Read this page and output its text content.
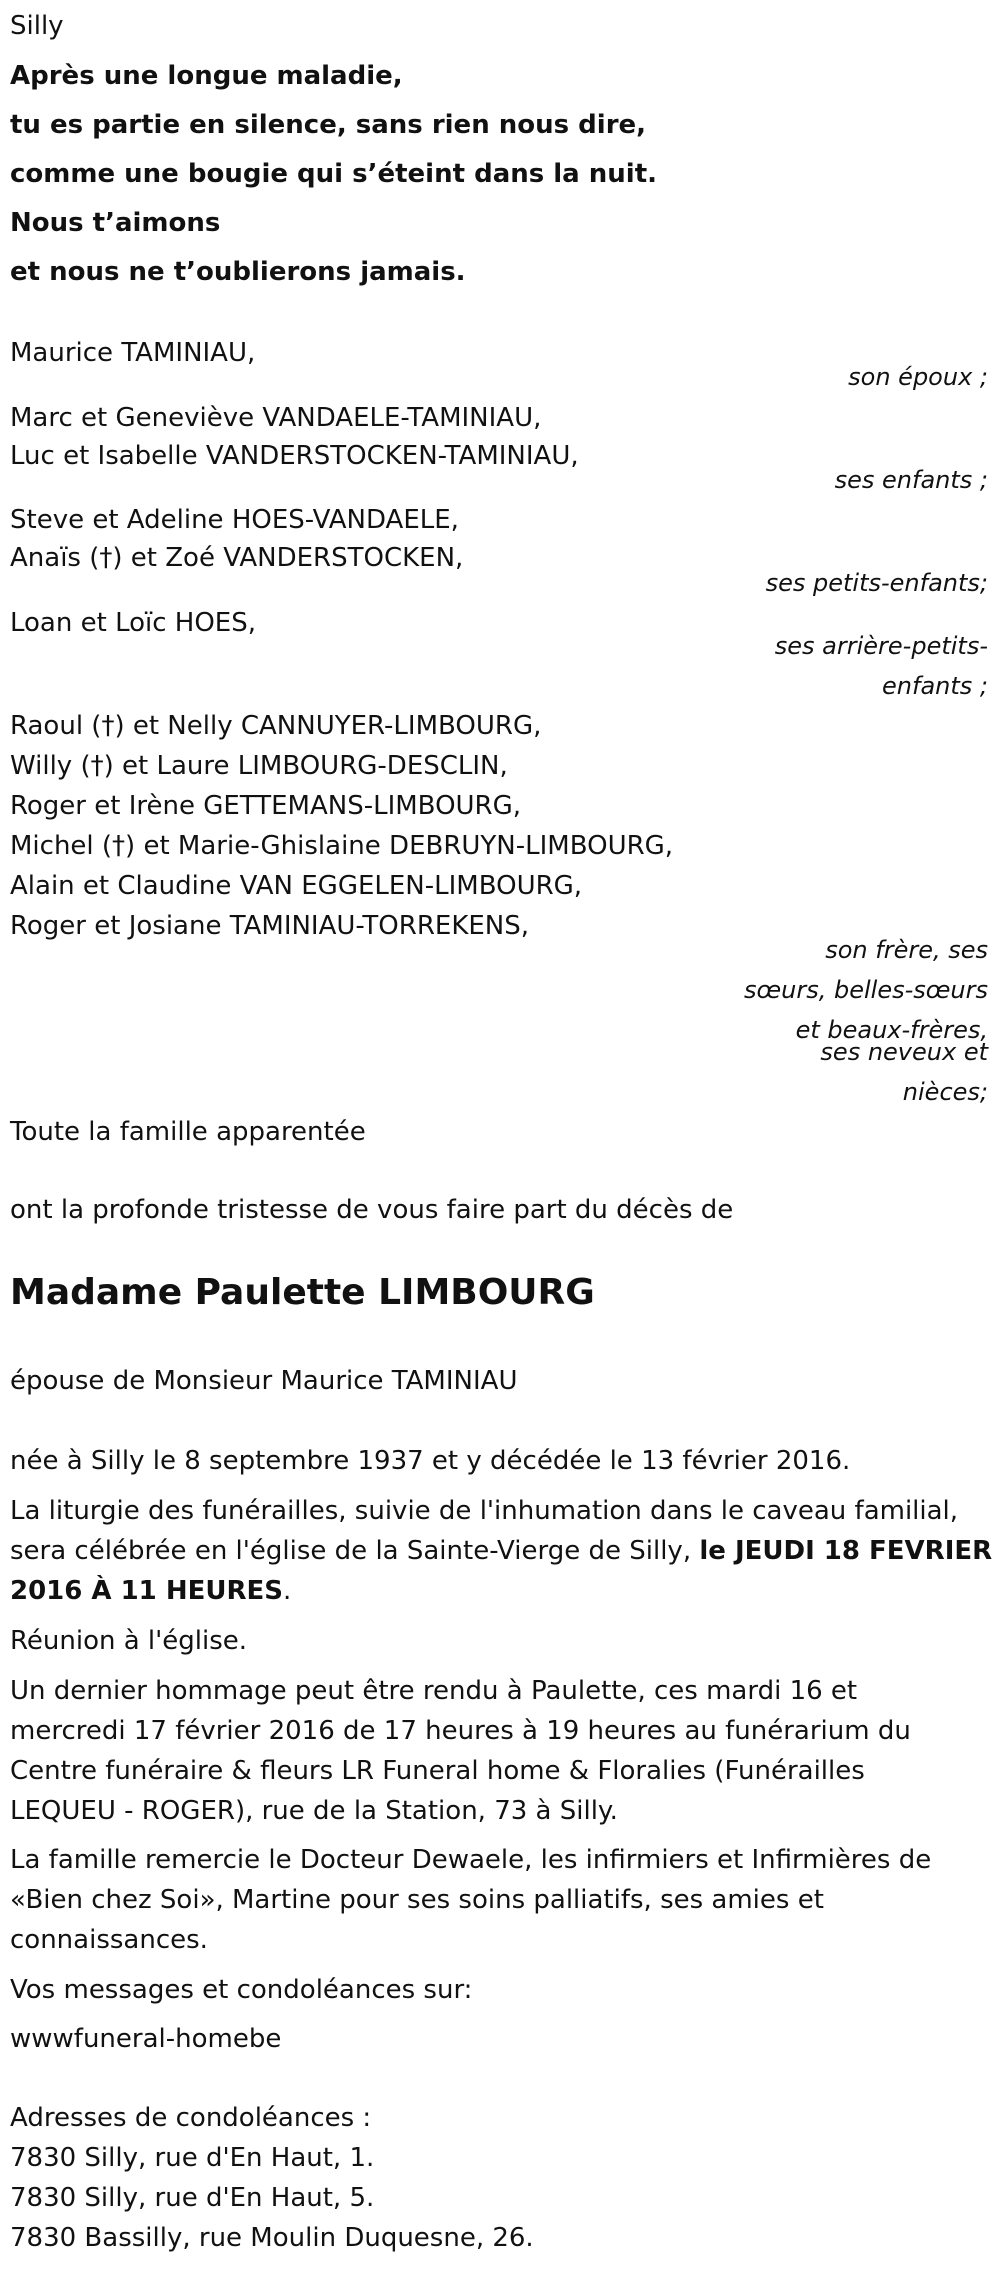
Silly
Après une longue maladie,
tu es partie en silence, sans rien nous dire,
comme une bougie qui s’éteint dans la nuit.
Nous t’aimons
et nous ne t’oublierons jamais.
Maurice TAMINIAU,
son époux ;
Marc et Geneviève VANDAELE-TAMINIAU,
Luc et Isabelle VANDERSTOCKEN-TAMINIAU,
ses enfants ;
Steve et Adeline HOES-VANDAELE,
Anaïs (†) et Zoé VANDERSTOCKEN,
ses petits-enfants;
Loan et Loïc HOES,
ses arrière-petits-
enfants ;
Raoul (†) et Nelly CANNUYER-LIMBOURG,
Willy (†) et Laure LIMBOURG-DESCLIN,
Roger et Irène GETTEMANS-LIMBOURG,
Michel (†) et Marie-Ghislaine DEBRUYN-LIMBOURG,
Alain et Claudine VAN EGGELEN-LIMBOURG,
Roger et Josiane TAMINIAU-TORREKENS,
son frère, ses
sœurs, belles-sœurs
et beaux-frères,
ses neveux et
nièces;
Toute la famille apparentée
ont la profonde tristesse de vous faire part du décès de
Madame Paulette LIMBOURG
épouse de Monsieur Maurice TAMINIAU
née à Silly le 8 septembre 1937 et y décédée le 13 février 2016.
La liturgie des funérailles, suivie de l'inhumation dans le caveau familial,
sera célébrée en l'église de la Sainte-Vierge de Silly, le JEUDI 18 FEVRIER
2016 À 11 HEURES.
Réunion à l'église.
Un dernier hommage peut être rendu à Paulette, ces mardi 16 et
mercredi 17 février 2016 de 17 heures à 19 heures au funérarium du
Centre funéraire & fleurs LR Funeral home & Floralies (Funérailles
LEQUEU - ROGER), rue de la Station, 73 à Silly.
La famille remercie le Docteur Dewaele, les infirmiers et Infirmières de
«Bien chez Soi», Martine pour ses soins palliatifs, ses amies et
connaissances.
Vos messages et condoléances sur:
wwwfuneral-homebe
Adresses de condoléances :
7830 Silly, rue d'En Haut, 1.
7830 Silly, rue d'En Haut, 5.
7830 Bassilly, rue Moulin Duquesne, 26.
